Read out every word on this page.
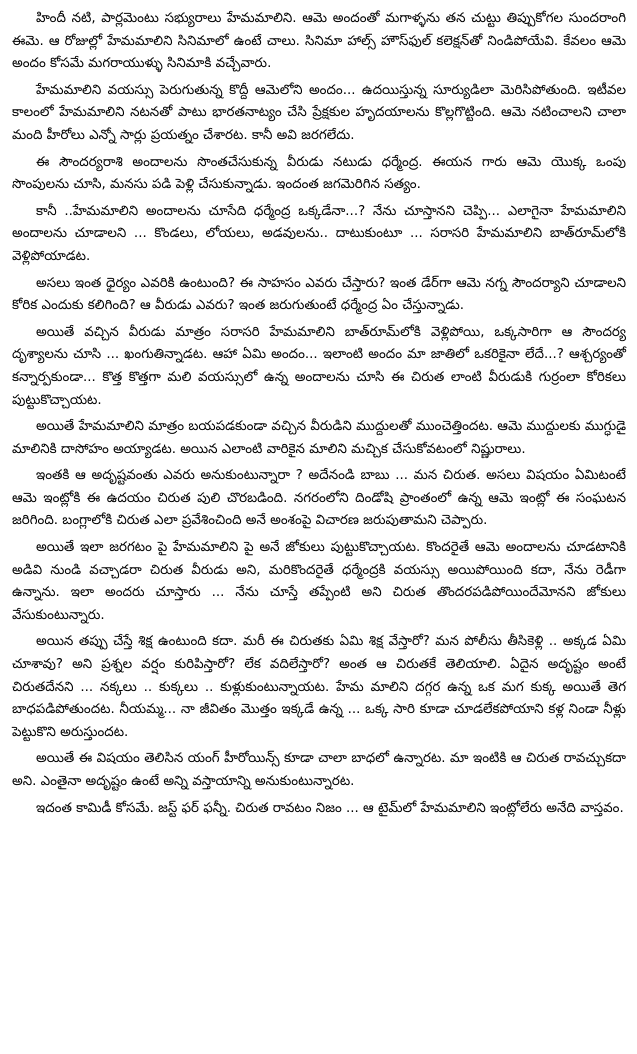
హిందీ నటి, పార్లమెంటు సభ్యురాలు హేమమాలిని. ఆమె అందంతో మగాళ్ళను తన చుట్టు తిప్పుకోగల సుందరాంగి ఈమె. ఆ రోజుల్లో హేమమాలిని సినిమాలో ఉంటే చాలు. సినిమా హాల్స్ హౌస్‌ఫుల్ కలెక్షన్‌తో నిండిపోయేవి. కేవలం ఆమె అందం కోసమే మగరాయుళ్ళు సినిమాకి వచ్చేవారు.

హేమమాలిని వయస్సు పెరుగుతున్న కొద్దీ ఆమెలోని అందం... ఉదయిస్తున్న సూర్యుడిలా మెరిసిపోతుంది. ఇటీవల కాలంలో హేమమాలిని నటనతో పాటు భారతనాట్యం చేసి ప్రేక్షకుల హృదయాలను కొల్లగొట్టింది. ఆమె నటించాలని చాలా మంది హీరోలు ఎన్నో సార్లు ప్రయత్నం చేశారట. కానీ అవి జరగలేదు.

ఈ సౌందర్యరాశి అందాలను సొంతచేసుకున్న వీరుడు నటుడు ధర్మేంద్ర. ఈయన గారు ఆమె యొక్క ఒంపు సొంపులను చూసి, మనసు పడి పెళ్లి చేసుకున్నాడు. ఇందంత జగమెరిగిన సత్యం.

కానీ ..హేమమాలిని అందాలను చూసేది ధర్మేంద్ర ఒక్కడేనా...? నేను చూస్తానని చెప్పి... ఎలాగైనా హేమమాలిని అందాలను చూడాలని ... కొండలు, లోయలు, అడవులను.. దాటుకుంటూ ... సరాసరి హేమమాలిని బాత్‌రూమ్‌లోకి వెళ్లిపోయాడట.

అసలు ఇంత ధైర్యం ఎవరికి ఉంటుంది? ఈ సాహసం ఎవరు చేస్తారు? ఇంత డేర్‌గా ఆమె నగ్న సౌందర్యాని చూడాలని కోరిక ఎందుకు కలిగింది? ఆ వీరుడు ఎవరు? ఇంత జరుగుతుంటే ధర్మేంద్ర ఏం చేస్తున్నాడు.

అయితే వచ్చిన వీరుడు మాత్రం సరాసరి హేమమాలిని బాత్‌రూమ్‌లోకి వెళ్లిపోయి, ఒక్కసారిగా ఆ సౌందర్య దృశ్యాలను చూసి ... ఖంగుతిన్నాడట. ఆహా ఏమి అందం... ఇలాంటి అందం మా జాతిలో ఒకరికైనా లేదే...? ఆశ్చర్యంతో కన్నార్పకుండా... కొత్త కొత్తగా మలి వయస్సులో ఉన్న అందాలను చూసి ఈ చిరుత లాంటి వీరుడుకి గుర్రంలా కోరికలు పుట్టుకొచ్చాయట.

అయితే హేమమాలిని మాత్రం బయపడకుండా వచ్చిన వీరుడిని ముద్దులతో ముంచెత్తిందట. ఆమె ముద్దులకు ముగ్ధుడై మాలినికి దాసోహం అయ్యాడట. అయిన ఎలాంటి వారికైన మాలిని మచ్చిక చేసుకోవటంలో నిష్ణురాలు.

ఇంతకి ఆ అదృష్టవంతు ఎవరు అనుకుంటున్నారా ? అదేనండి బాబు ... మన చిరుత. అసలు విషయం ఏమిటంటే ఆమె ఇంట్లోకి ఈ ఉదయం చిరుత పులి చొరబడింది. నగరంలోని దిండోషి ప్రాంతంలో ఉన్న ఆమె ఇంట్లో ఈ సంఘటన జరిగింది. బంగ్లాలోకి చిరుత ఎలా ప్రవేశించింది అనే అంశంపై విచారణ జరుపుతామని చెప్పారు.

అయితే ఇలా జరగటం పై హేమమాలిని పై అనే జోకులు పుట్టుకొచ్చాయట. కొందరైతే ఆమె అందాలను చూడటానికి అడివి నుండి వచ్చాడరా చిరుత వీరుడు అని, మరికొందరైతే ధర్మేంద్రకి వయస్సు అయిపోయింది కదా, నేను రెడీగా ఉన్నాను. ఇలా అందరు చూస్తారు ... నేను చూస్తే తప్పేంటి అని చిరుత తొందరపడిపోయిందేమోనని జోకులు వేసుకుంటున్నారు.

అయిన తప్పు చేస్తే శిక్ష ఉంటుంది కదా. మరీ ఈ చిరుతకు ఏమి శిక్ష వేస్తారో? మన పోలీసు తీసికెళ్లి .. అక్కడ ఏమి చూశావు? అని ప్రశ్నల వర్షం కురిపిస్తారో? లేక వదిలేస్తారో? అంత ఆ చిరుతకే తెలియాలి. ఏదైన అదృష్టం అంటే చిరుతదేనని ... నక్కలు .. కుక్కలు .. కుళ్లుకుంటున్నాయట. హేమ మాలిని దగ్గర ఉన్న ఒక మగ కుక్క అయితే తెగ బాధపడిపోతుందట. నీయమ్మ... నా జీవితం మొత్తం ఇక్కడే ఉన్న ... ఒక్క సారి కూడా చూడలేకపోయాని కళ్ల నిండా నీళ్లు పెట్టుకొని అరుస్తుందట.

అయితే ఈ విషయం తెలిసిన యంగ్ హీరోయిన్స్ కూడా చాలా బాధలో ఉన్నారట. మా ఇంటికి ఆ చిరుత రావచ్చుకదా అని. ఎంతైనా అదృష్టం ఉంటే అన్ని వస్తాయాన్ని అనుకుంటున్నారట.

ఇదంత కామిడీ కోసమే. జస్ట్ ఫర్ ఫన్నీ. చిరుత రావటం నిజం ... ఆ టైమ్‌లో హేమమాలిని ఇంట్లోలేరు అనేది వాస్తవం.
